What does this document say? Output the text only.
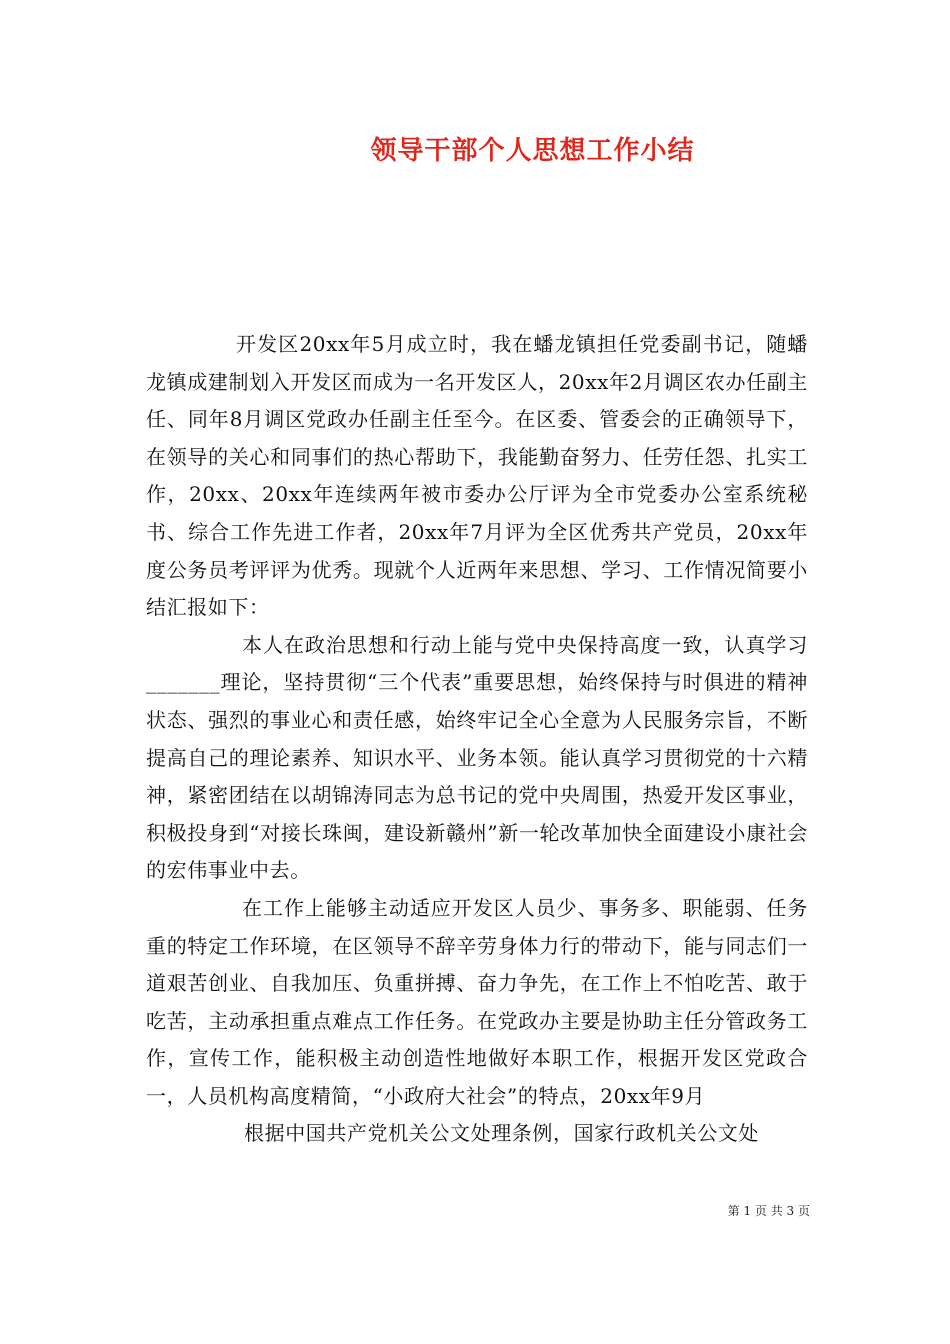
领导干部个人思想工作小结

开发区20xx年5月成立时，我在蟠龙镇担任党委副书记，随蟠龙镇成建制划入开发区而成为一名开发区人，20xx年2月调区农办任副主任、同年8月调区党政办任副主任至今。在区委、管委会的正确领导下，在领导的关心和同事们的热心帮助下，我能勤奋努力、任劳任怨、扎实工作，20xx、20xx年连续两年被市委办公厅评为全市党委办公室系统秘书、综合工作先进工作者，20xx年7月评为全区优秀共产党员，20xx年度公务员考评评为优秀。现就个人近两年来思想、学习、工作情况简要小结汇报如下：

本人在政治思想和行动上能与党中央保持高度一致，认真学习_______理论，坚持贯彻“三个代表”重要思想，始终保持与时俱进的精神状态、强烈的事业心和责任感，始终牢记全心全意为人民服务宗旨，不断提高自己的理论素养、知识水平、业务本领。能认真学习贯彻党的十六精神，紧密团结在以胡锦涛同志为总书记的党中央周围，热爱开发区事业，积极投身到“对接长珠闽，建设新赣州”新一轮改革加快全面建设小康社会的宏伟事业中去。

在工作上能够主动适应开发区人员少、事务多、职能弱、任务重的特定工作环境，在区领导不辞辛劳身体力行的带动下，能与同志们一道艰苦创业、自我加压、负重拼搏、奋力争先，在工作上不怕吃苦、敢于吃苦，主动承担重点难点工作任务。在党政办主要是协助主任分管政务工作，宣传工作，能积极主动创造性地做好本职工作，根据开发区党政合一，人员机构高度精简，“小政府大社会”的特点，20xx年9月

根据中国共产党机关公文处理条例，国家行政机关公文处

第 1 页 共 3 页
